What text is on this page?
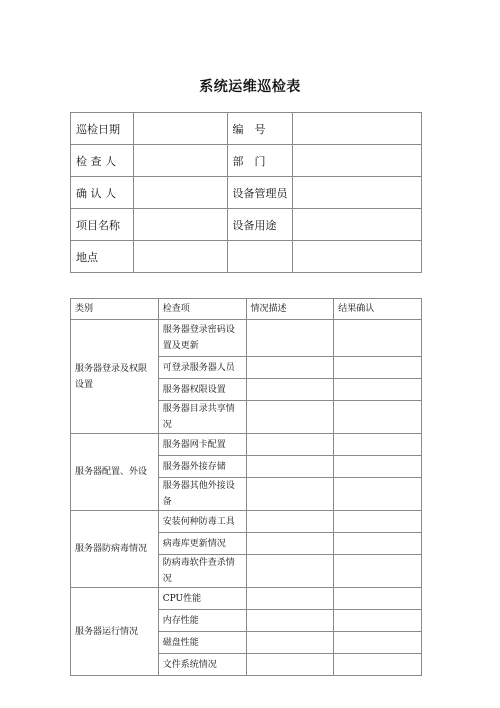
系统运维巡检表
巡检日期		编　号	
检 查 人		部　门	
确 认 人		设备管理员	
项目名称		设备用途	
地点			
类别	检查项	情况描述	结果确认
服务器登录及权限设置	服务器登录密码设置及更新		
	可登录服务器人员		
	服务器权限设置		
	服务器目录共享情况		
服务器配置、外设	服务器网卡配置		
	服务器外接存储		
	服务器其他外接设备		
服务器防病毒情况	安装何种防毒工具		
	病毒库更新情况		
	防病毒软件查杀情况		
服务器运行情况	CPU性能		
	内存性能		
	磁盘性能		
	文件系统情况		
